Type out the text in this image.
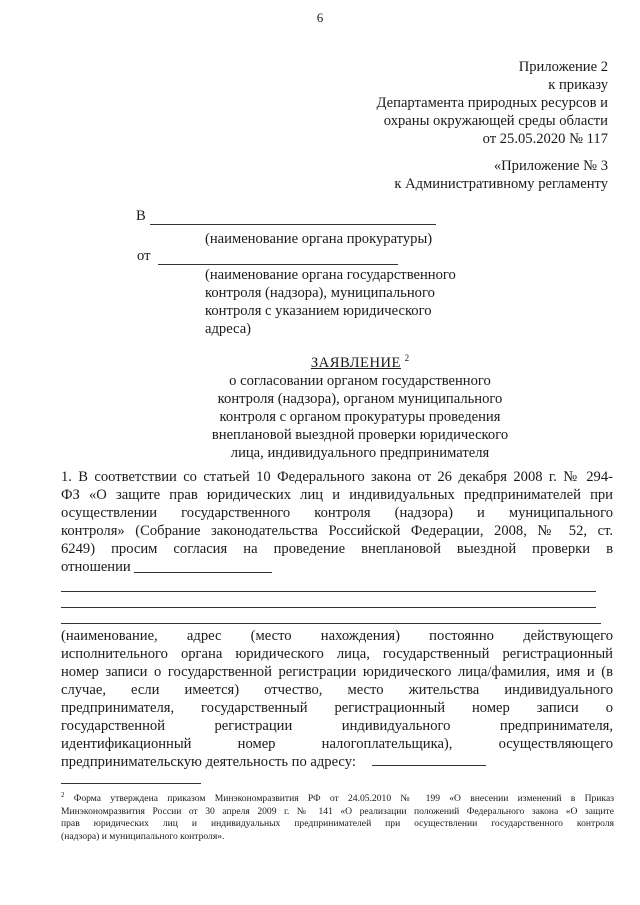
6
Приложение 2
к приказу
Департамента природных ресурсов и
охраны окружающей среды области
от 25.05.2020 № 117
«Приложение № 3
к Административному регламенту
В
(наименование органа прокуратуры)
от
(наименование органа государственного
контроля (надзора), муниципального
контроля с указанием юридического
адреса)
ЗАЯВЛЕНИЕ $^2$
о согласовании органом государственного
контроля (надзора), органом муниципального
контроля с органом прокуратуры проведения
внеплановой выездной проверки юридического
лица, индивидуального предпринимателя
1. В соответствии со статьей 10 Федерального закона от 26 декабря 2008 г. № 294-
ФЗ «О защите прав юридических лиц и индивидуальных предпринимателей при
осуществлении государственного контроля (надзора) и муниципального
контроля» (Собрание законодательства Российской Федерации, 2008, № 52, ст.
6249) просим согласия на проведение внеплановой выездной проверки в
отношении
(наименование, адрес (место нахождения) постоянно действующего
исполнительного органа юридического лица, государственный регистрационный
номер записи о государственной регистрации юридического лица/фамилия, имя и (в
случае, если имеется) отчество, место жительства индивидуального
предпринимателя, государственный регистрационный номер записи о
государственной регистрации индивидуального предпринимателя,
идентификационный номер налогоплательщика), осуществляющего
предпринимательскую деятельность по адресу:
$^2$ Форма утверждена приказом Минэкономразвития РФ от 24.05.2010 № 199 «О внесении изменений в Приказ
Минэкономразвития России от 30 апреля 2009 г. № 141 «О реализации положений Федерального закона «О защите
прав юридических лиц и индивидуальных предпринимателей при осуществлении государственного контроля
(надзора) и муниципального контроля».
